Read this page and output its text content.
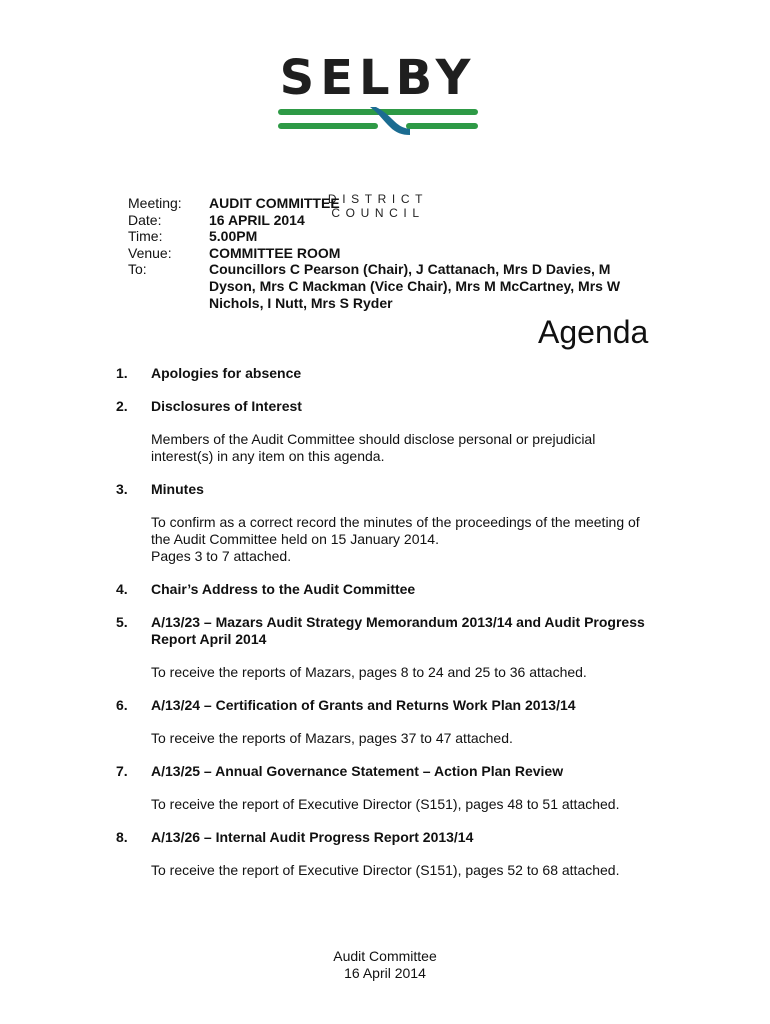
SELBY
DISTRICT COUNCIL
Meeting:	AUDIT COMMITTEE
Date:	16 APRIL 2014
Time:	5.00PM
Venue:	COMMITTEE ROOM
To:	Councillors C Pearson (Chair), J Cattanach, Mrs D Davies, M Dyson, Mrs C Mackman (Vice Chair), Mrs M McCartney, Mrs W Nichols, I Nutt, Mrs S Ryder
Agenda
1. Apologies for absence
2. Disclosures of Interest
Members of the Audit Committee should disclose personal or prejudicial interest(s) in any item on this agenda.
3. Minutes
To confirm as a correct record the minutes of the proceedings of the meeting of the Audit Committee held on 15 January 2014.
Pages 3 to 7 attached.
4. Chair’s Address to the Audit Committee
5. A/13/23 – Mazars Audit Strategy Memorandum 2013/14 and Audit Progress Report April 2014
To receive the reports of Mazars, pages 8 to 24 and 25 to 36 attached.
6. A/13/24 – Certification of Grants and Returns Work Plan 2013/14
To receive the reports of Mazars, pages 37 to 47 attached.
7. A/13/25 – Annual Governance Statement – Action Plan Review
To receive the report of Executive Director (S151), pages 48 to 51 attached.
8. A/13/26 – Internal Audit Progress Report 2013/14
To receive the report of Executive Director (S151), pages 52 to 68 attached.
Audit Committee
16 April 2014
